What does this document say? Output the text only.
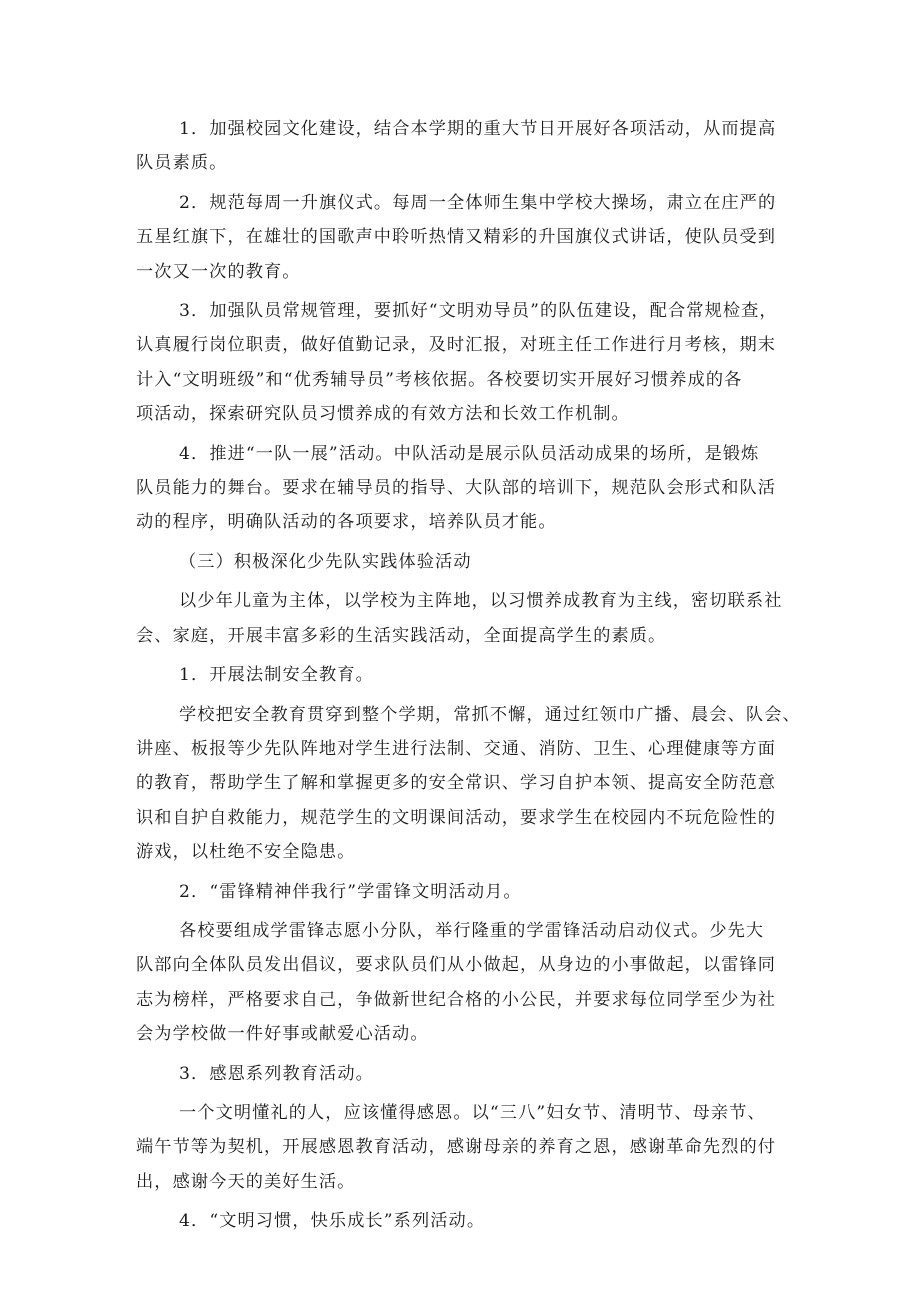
1．加强校园文化建设，结合本学期的重大节日开展好各项活动，从而提高
队员素质。

2．规范每周一升旗仪式。每周一全体师生集中学校大操场，肃立在庄严的
五星红旗下，在雄壮的国歌声中聆听热情又精彩的升国旗仪式讲话，使队员受到
一次又一次的教育。

3．加强队员常规管理，要抓好“文明劝导员”的队伍建设，配合常规检查，
认真履行岗位职责，做好值勤记录，及时汇报，对班主任工作进行月考核，期末
计入“文明班级”和“优秀辅导员”考核依据。各校要切实开展好习惯养成的各
项活动，探索研究队员习惯养成的有效方法和长效工作机制。

4．推进“一队一展”活动。中队活动是展示队员活动成果的场所，是锻炼
队员能力的舞台。要求在辅导员的指导、大队部的培训下，规范队会形式和队活
动的程序，明确队活动的各项要求，培养队员才能。

（三）积极深化少先队实践体验活动

以少年儿童为主体，以学校为主阵地，以习惯养成教育为主线，密切联系社
会、家庭，开展丰富多彩的生活实践活动，全面提高学生的素质。

1．开展法制安全教育。

学校把安全教育贯穿到整个学期，常抓不懈，通过红领巾广播、晨会、队会、
讲座、板报等少先队阵地对学生进行法制、交通、消防、卫生、心理健康等方面
的教育，帮助学生了解和掌握更多的安全常识、学习自护本领、提高安全防范意
识和自护自救能力，规范学生的文明课间活动，要求学生在校园内不玩危险性的
游戏，以杜绝不安全隐患。

2．“雷锋精神伴我行”学雷锋文明活动月。

各校要组成学雷锋志愿小分队，举行隆重的学雷锋活动启动仪式。少先大
队部向全体队员发出倡议，要求队员们从小做起，从身边的小事做起，以雷锋同
志为榜样，严格要求自己，争做新世纪合格的小公民，并要求每位同学至少为社
会为学校做一件好事或献爱心活动。

3．感恩系列教育活动。

一个文明懂礼的人，应该懂得感恩。以“三八”妇女节、清明节、母亲节、
端午节等为契机，开展感恩教育活动，感谢母亲的养育之恩，感谢革命先烈的付
出，感谢今天的美好生活。

4．“文明习惯，快乐成长”系列活动。
